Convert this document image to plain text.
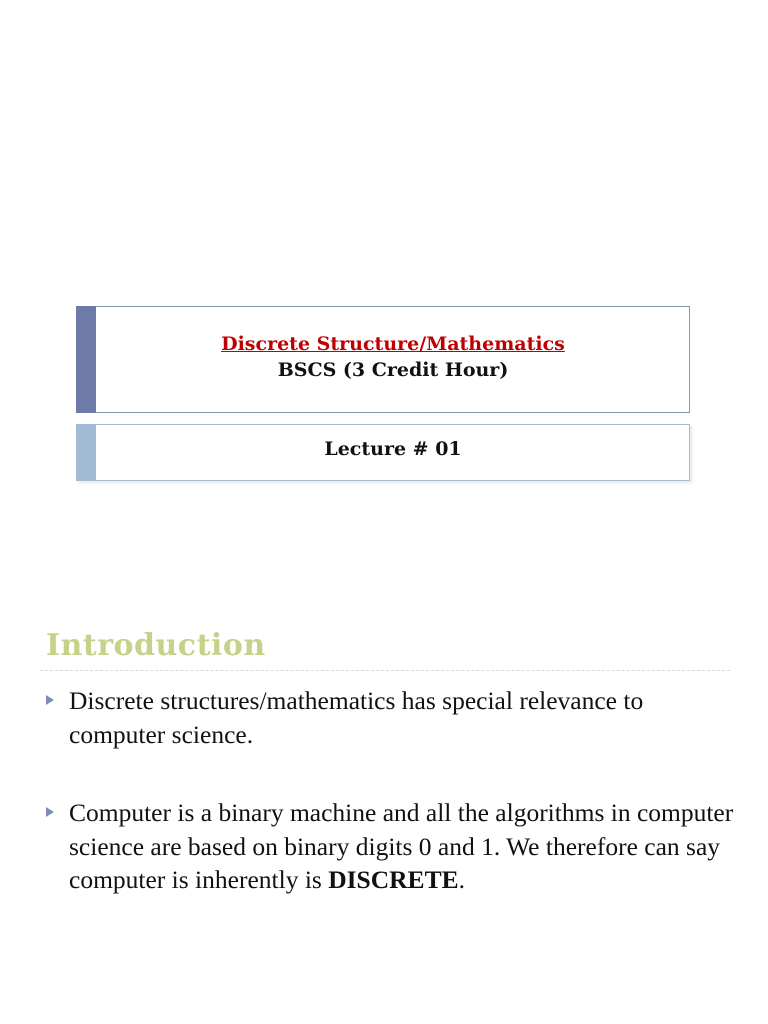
Discrete Structure/Mathematics
BSCS (3 Credit Hour)
Lecture # 01
Introduction
Discrete structures/mathematics has special relevance to computer science.
Computer is a binary machine and all the algorithms in computer science are based on binary digits 0 and 1. We therefore can say computer is inherently is DISCRETE.
